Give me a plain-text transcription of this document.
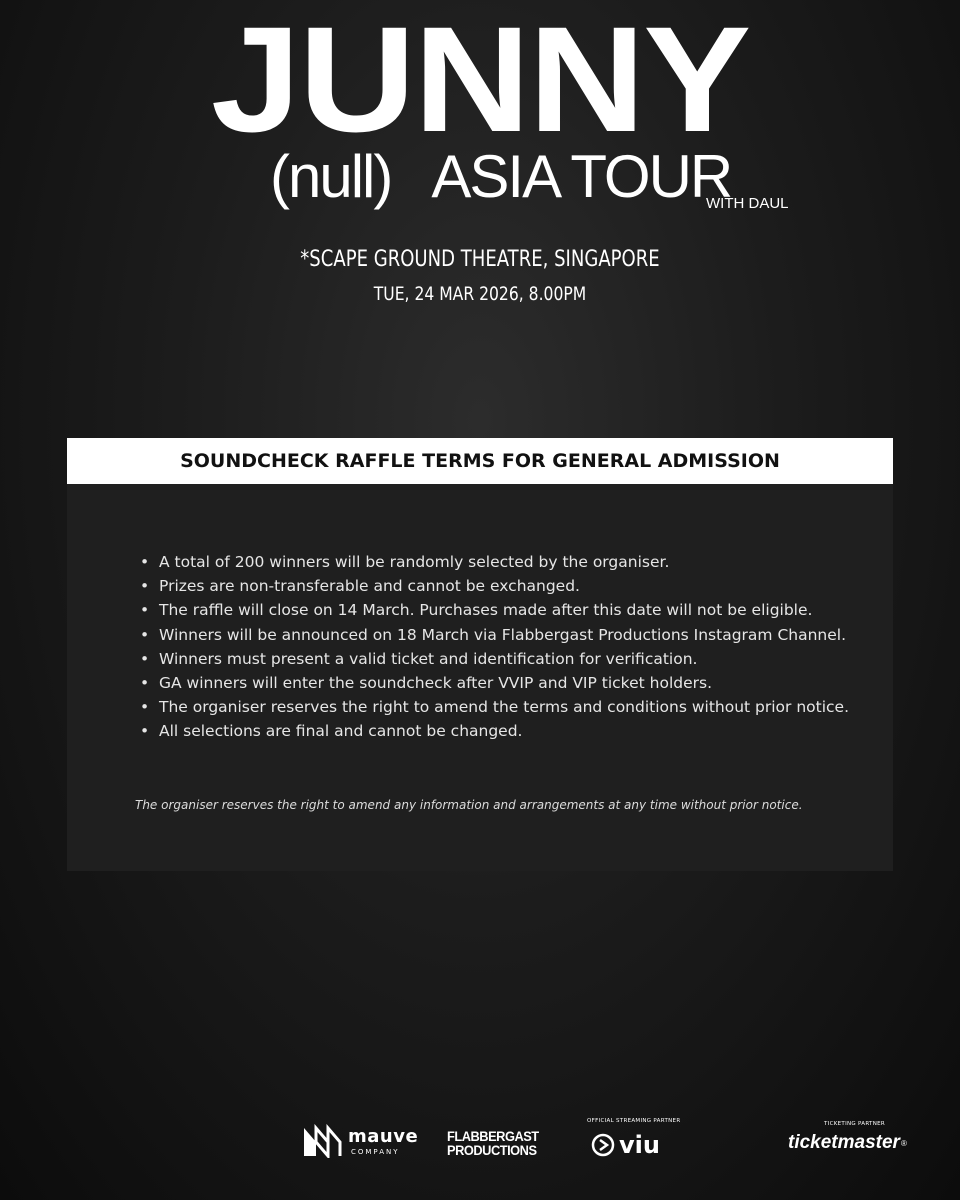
JUNNY
(null) ASIA TOUR
WITH DAUL
*SCAPE GROUND THEATRE, SINGAPORE
TUE, 24 MAR 2026, 8.00PM
SOUNDCHECK RAFFLE TERMS FOR GENERAL ADMISSION
• A total of 200 winners will be randomly selected by the organiser.
• Prizes are non-transferable and cannot be exchanged.
• The raffle will close on 14 March. Purchases made after this date will not be eligible.
• Winners will be announced on 18 March via Flabbergast Productions Instagram Channel.
• Winners must present a valid ticket and identification for verification.
• GA winners will enter the soundcheck after VVIP and VIP ticket holders.
• The organiser reserves the right to amend the terms and conditions without prior notice.
• All selections are final and cannot be changed.
The organiser reserves the right to amend any information and arrangements at any time without prior notice.
mauve
COMPANY
FLABBERGAST
PRODUCTIONS
OFFICIAL STREAMING PARTNER
viu
TICKETING PARTNER
ticketmaster®
